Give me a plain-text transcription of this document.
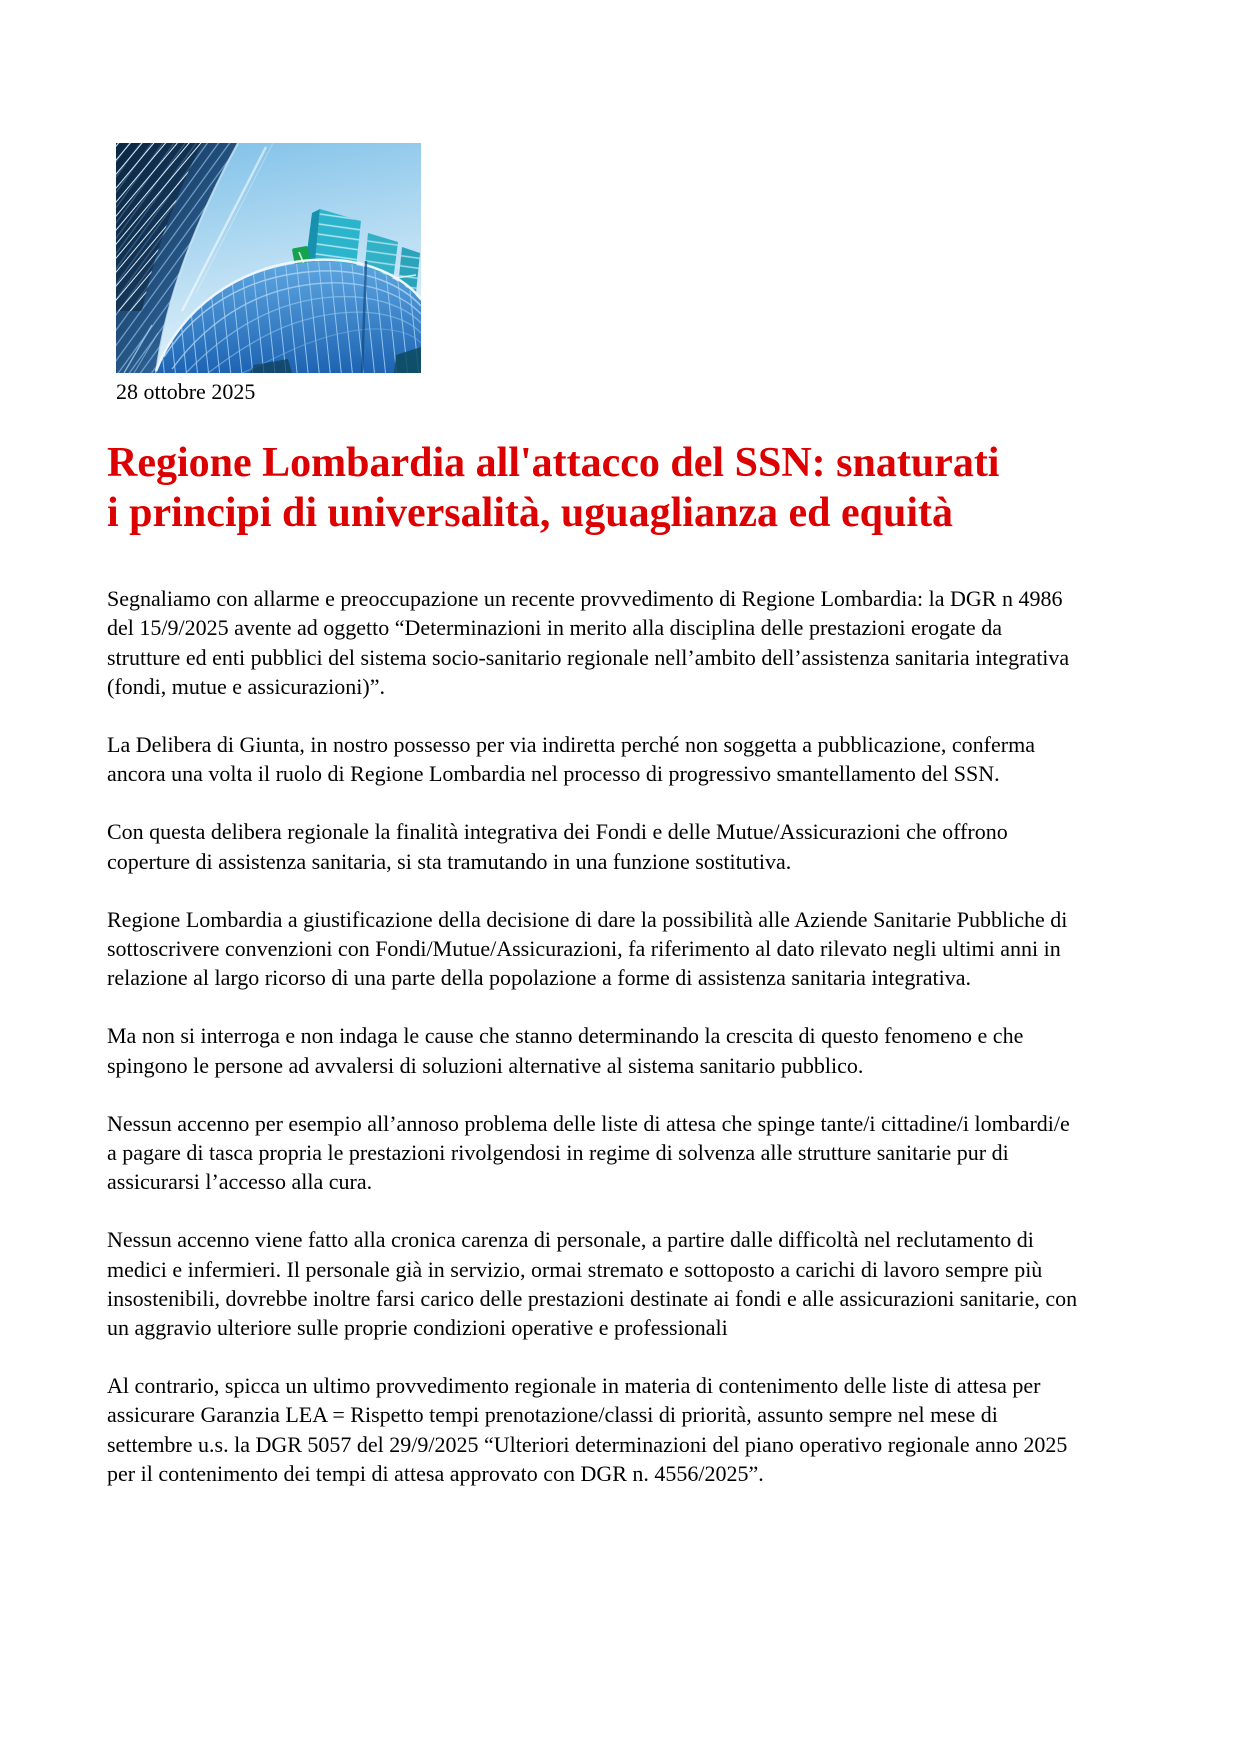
28 ottobre 2025
Regione Lombardia all'attacco del SSN: snaturati i principi di universalità, uguaglianza ed equità

Segnaliamo con allarme e preoccupazione un recente provvedimento di Regione Lombardia: la DGR n 4986 del 15/9/2025 avente ad oggetto “Determinazioni in merito alla disciplina delle prestazioni erogate da strutture ed enti pubblici del sistema socio-sanitario regionale nell’ambito dell’assistenza sanitaria integrativa (fondi, mutue e assicurazioni)”.

La Delibera di Giunta, in nostro possesso per via indiretta perché non soggetta a pubblicazione, conferma ancora una volta il ruolo di Regione Lombardia nel processo di progressivo smantellamento del SSN.

Con questa delibera regionale la finalità integrativa dei Fondi e delle Mutue/Assicurazioni che offrono coperture di assistenza sanitaria, si sta tramutando in una funzione sostitutiva.

Regione Lombardia a giustificazione della decisione di dare la possibilità alle Aziende Sanitarie Pubbliche di sottoscrivere convenzioni con Fondi/Mutue/Assicurazioni, fa riferimento al dato rilevato negli ultimi anni in relazione al largo ricorso di una parte della popolazione a forme di assistenza sanitaria integrativa.

Ma non si interroga e non indaga le cause che stanno determinando la crescita di questo fenomeno e che spingono le persone ad avvalersi di soluzioni alternative al sistema sanitario pubblico.

Nessun accenno per esempio all’annoso problema delle liste di attesa che spinge tante/i cittadine/i lombardi/e a pagare di tasca propria le prestazioni rivolgendosi in regime di solvenza alle strutture sanitarie pur di assicurarsi l’accesso alla cura.

Nessun accenno viene fatto alla cronica carenza di personale, a partire dalle difficoltà nel reclutamento di medici e infermieri. Il personale già in servizio, ormai stremato e sottoposto a carichi di lavoro sempre più insostenibili, dovrebbe inoltre farsi carico delle prestazioni destinate ai fondi e alle assicurazioni sanitarie, con un aggravio ulteriore sulle proprie condizioni operative e professionali

Al contrario, spicca un ultimo provvedimento regionale in materia di contenimento delle liste di attesa per assicurare Garanzia LEA = Rispetto tempi prenotazione/classi di priorità, assunto sempre nel mese di settembre u.s. la DGR 5057 del 29/9/2025 “Ulteriori determinazioni del piano operativo regionale anno 2025 per il contenimento dei tempi di attesa approvato con DGR n. 4556/2025”.
